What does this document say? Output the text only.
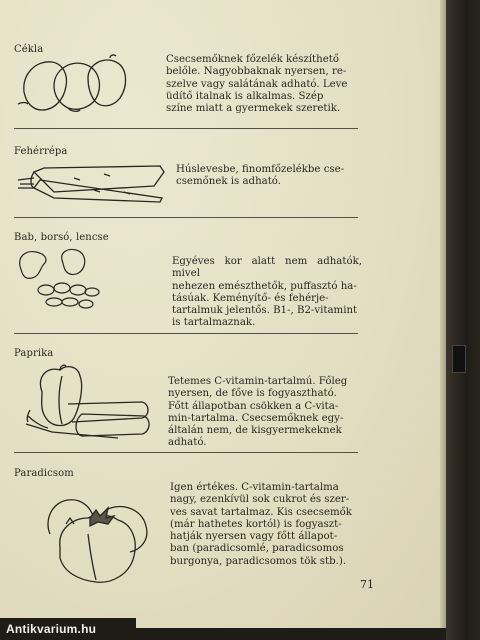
Cékla
Csecsemőknek főzelék készíthető
belőle. Nagyobbaknak nyersen, re-
szelve vagy salátának adható. Leve
üdítő italnak is alkalmas. Szép
színe miatt a gyermekek szeretik.
Fehérrépa
Húslevesbe, finomfőzelékbe cse-
csemőnek is adható.
Bab, borsó, lencse
Egyéves kor alatt nem adhatók, mivel
nehezen emészthetők, puffasztó ha-
tásúak. Keményítő- és fehérje-
tartalmuk jelentős. B1-, B2-vitamint
is tartalmaznak.
Paprika
Tetemes C-vitamin-tartalmú. Főleg
nyersen, de főve is fogyasztható.
Főtt állapotban csökken a C-vita-
min-tartalma. Csecsemőknek egy-
általán nem, de kisgyermekeknek
adható.
Paradicsom
Igen értékes. C-vitamin-tartalma
nagy, ezenkívül sok cukrot és szer-
ves savat tartalmaz. Kis csecsemők
(már hathetes kortól) is fogyaszt-
hatják nyersen vagy főtt állapot-
ban (paradicsomlé, paradicsomos
burgonya, paradicsomos tök stb.).
71
Antikvarium.hu
